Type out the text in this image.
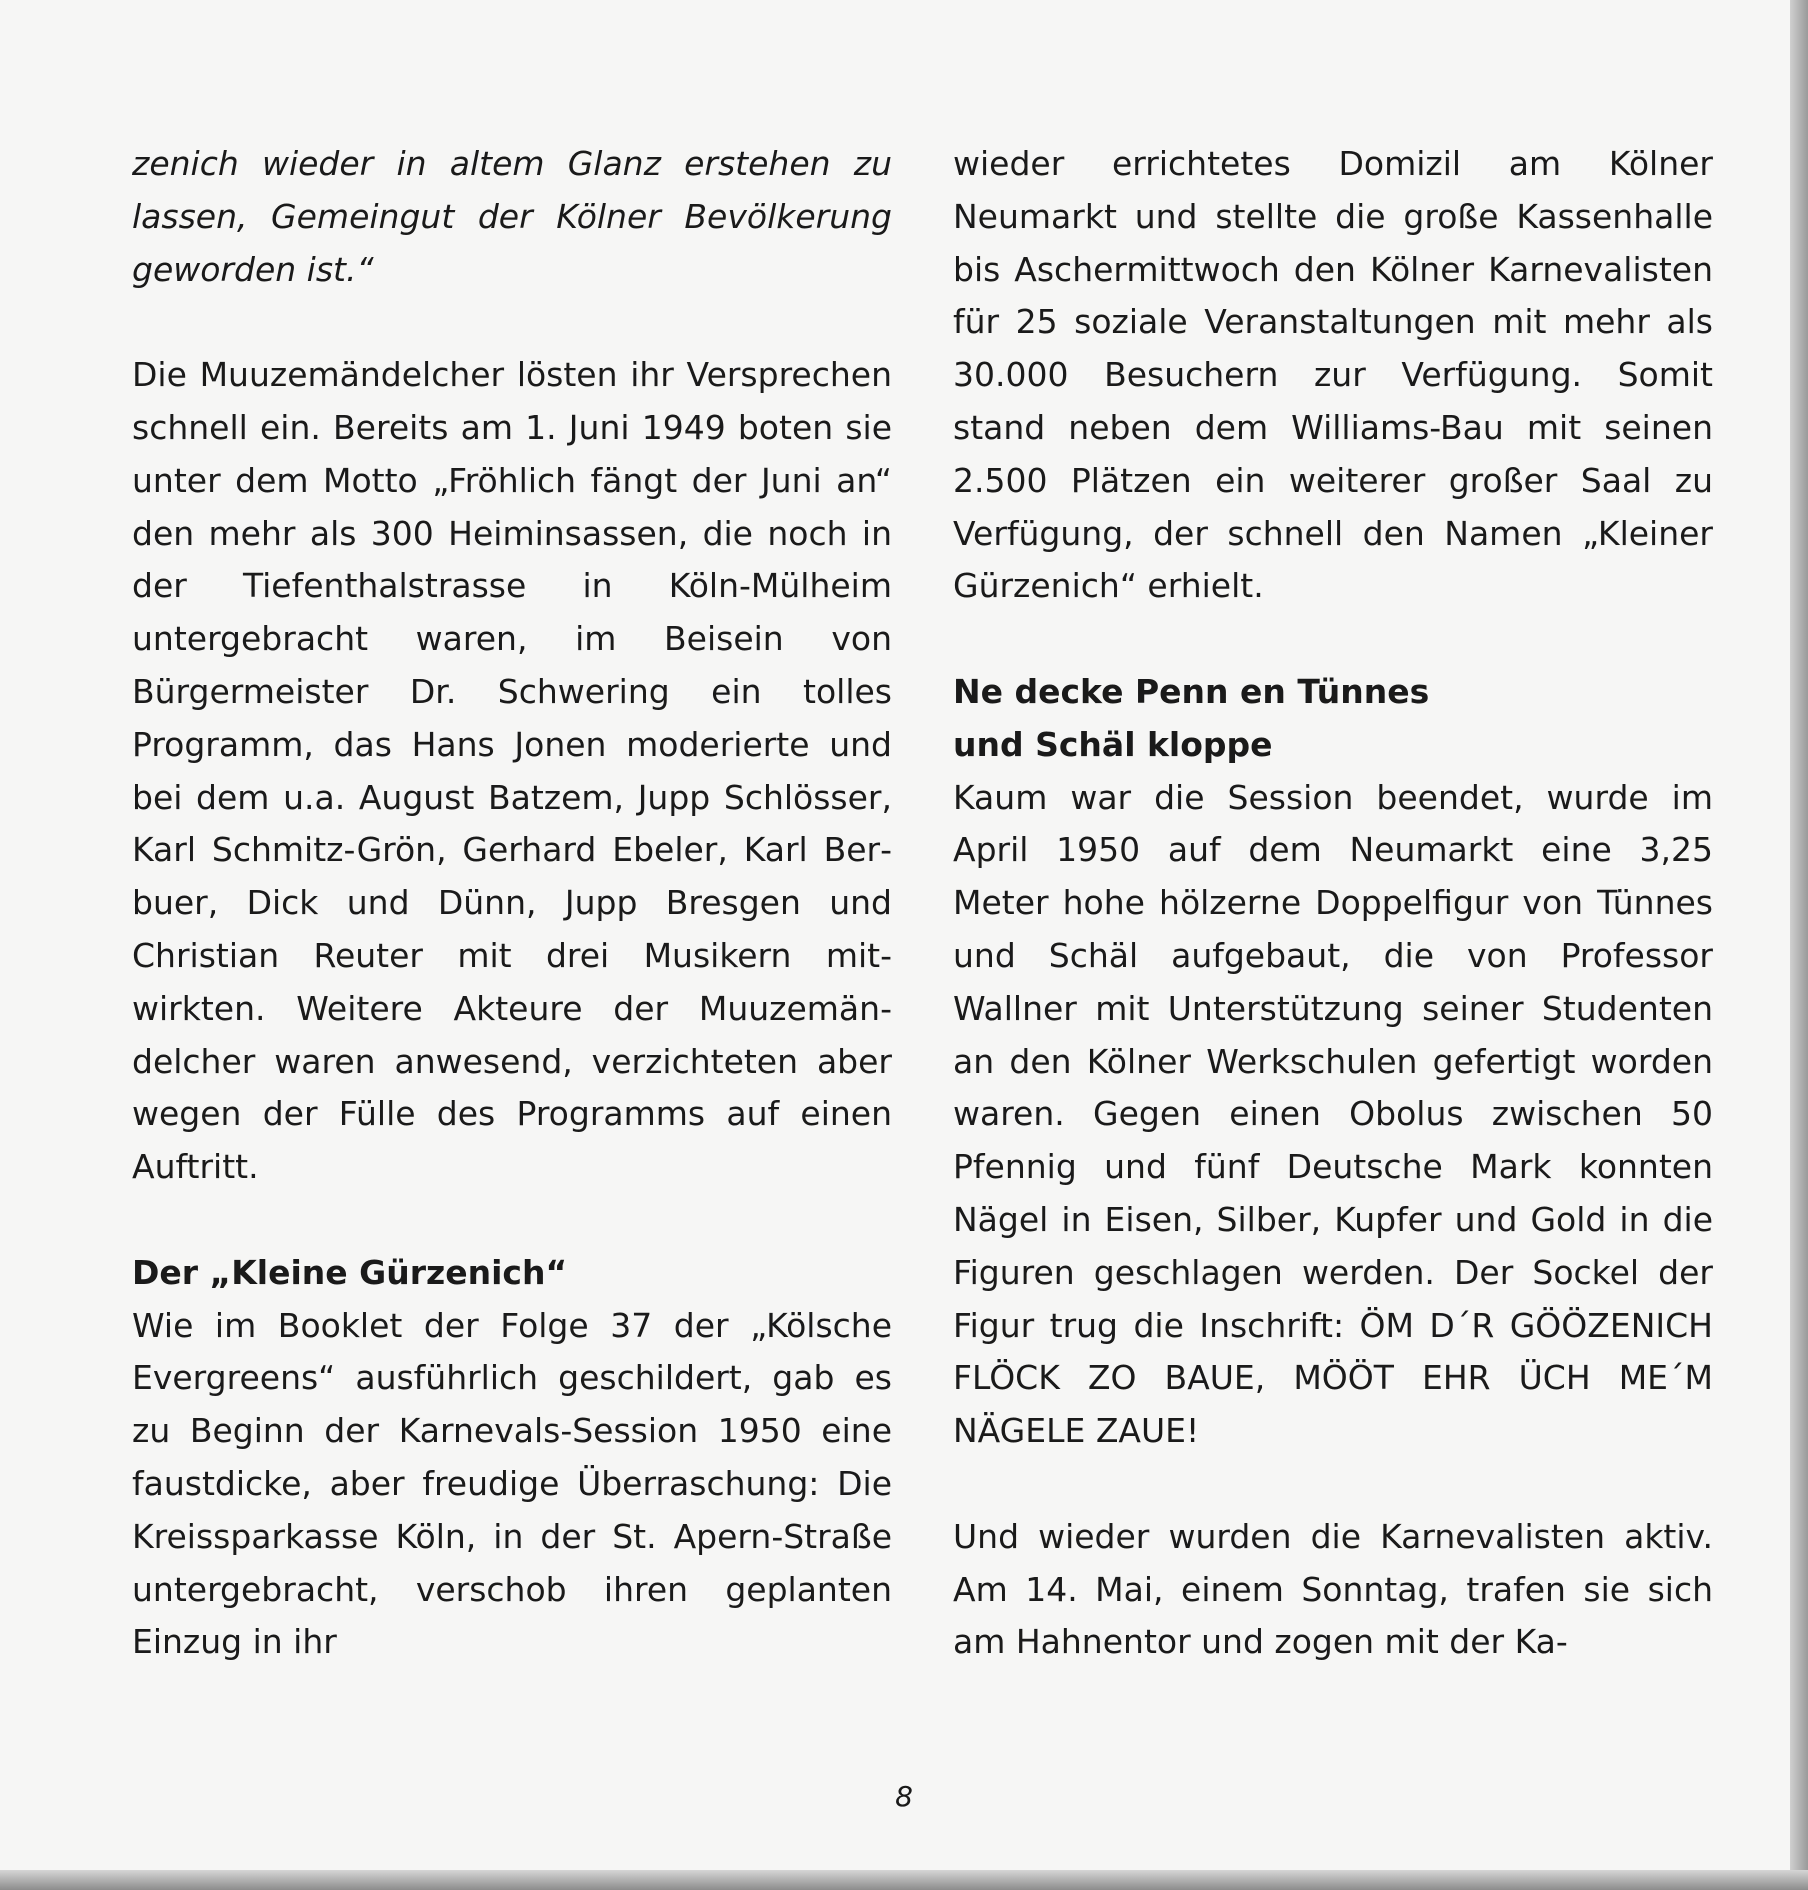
zenich wieder in altem Glanz erstehen zu lassen, Gemeingut der Kölner Bevölkerung geworden ist.“

Die Muuzemändelcher lösten ihr Versprechen schnell ein. Bereits am 1. Juni 1949 boten sie unter dem Motto „Fröhlich fängt der Juni an“ den mehr als 300 Heiminsassen, die noch in der Tiefenthalstrasse in Köln-Mülheim untergebracht waren, im Beisein von Bürgermeister Dr. Schwering ein tolles Programm, das Hans Jonen moderierte und bei dem u.a. August Batzem, Jupp Schlösser, Karl Schmitz-Grön, Gerhard Ebeler, Karl Berbuer, Dick und Dünn, Jupp Bresgen und Christian Reuter mit drei Musikern mitwirkten. Weitere Akteure der Muuzemändelcher waren anwesend, verzichteten aber wegen der Fülle des Programms auf einen Auftritt.

Der „Kleine Gürzenich“

Wie im Booklet der Folge 37 der „Kölsche Evergreens“ ausführlich geschildert, gab es zu Beginn der Karnevals-Session 1950 eine faustdicke, aber freudige Überraschung: Die Kreissparkasse Köln, in der St. Apern-Straße untergebracht, verschob ihren geplanten Einzug in ihr

wieder errichtetes Domizil am Kölner Neumarkt und stellte die große Kassenhalle bis Aschermittwoch den Kölner Karnevalisten für 25 soziale Veranstaltungen mit mehr als 30.000 Besuchern zur Verfügung. Somit stand neben dem Williams-Bau mit seinen 2.500 Plätzen ein weiterer großer Saal zu Verfügung, der schnell den Namen „Kleiner Gürzenich“ erhielt.

Ne decke Penn en Tünnes

und Schäl kloppe

Kaum war die Session beendet, wurde im April 1950 auf dem Neumarkt eine 3,25 Meter hohe hölzerne Doppelfigur von Tünnes und Schäl aufgebaut, die von Professor Wallner mit Unterstützung seiner Studenten an den Kölner Werkschulen gefertigt worden waren. Gegen einen Obolus zwischen 50 Pfennig und fünf Deutsche Mark konnten Nägel in Eisen, Silber, Kupfer und Gold in die Figuren geschlagen werden. Der Sockel der Figur trug die Inschrift: ÖM D´R GÖÖZENICH FLÖCK ZO BAUE, MÖÖT EHR ÜCH ME´M NÄGELE ZAUE!

Und wieder wurden die Karnevalisten aktiv. Am 14. Mai, einem Sonntag, trafen sie sich am Hahnentor und zogen mit der Ka-

8
